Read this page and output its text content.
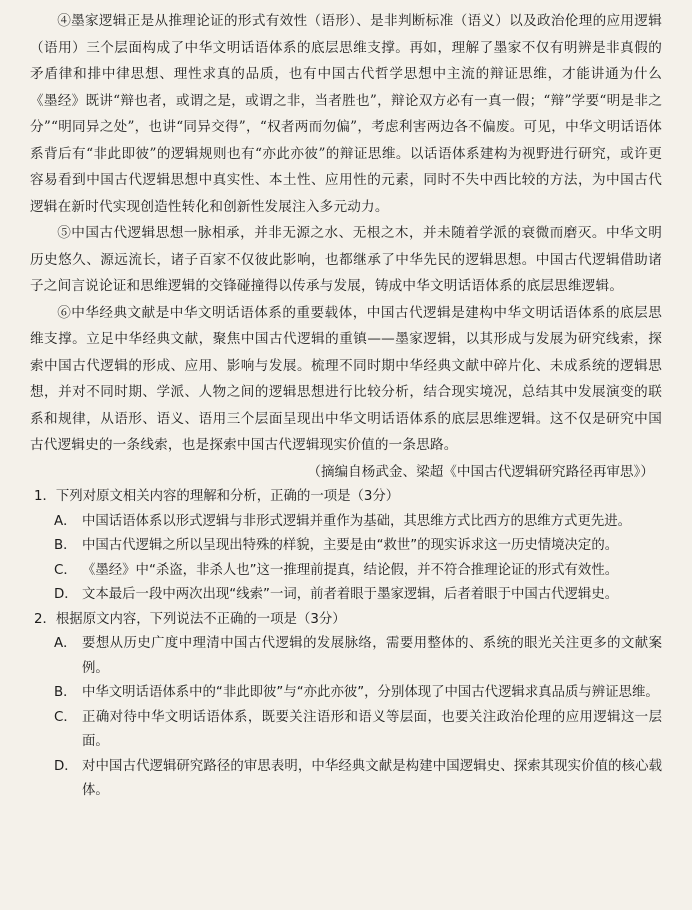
④墨家逻辑正是从推理论证的形式有效性（语形）、是非判断标准（语义）以及政治伦理的应用逻辑（语用）三个层面构成了中华文明话语体系的底层思维支撑。再如，理解了墨家不仅有明辨是非真假的矛盾律和排中律思想、理性求真的品质，也有中国古代哲学思想中主流的辩证思维，才能讲通为什么《墨经》既讲“辩也者，或谓之是，或谓之非，当者胜也”，辩论双方必有一真一假；“辩”学要“明是非之分”“明同异之处”，也讲“同异交得”，“权者两而勿偏”，考虑利害两边各不偏废。可见，中华文明话语体系背后有“非此即彼”的逻辑规则也有“亦此亦彼”的辩证思维。以话语体系建构为视野进行研究，或许更容易看到中国古代逻辑思想中真实性、本土性、应用性的元素，同时不失中西比较的方法，为中国古代逻辑在新时代实现创造性转化和创新性发展注入多元动力。

⑤中国古代逻辑思想一脉相承，并非无源之水、无根之木，并未随着学派的衰微而磨灭。中华文明历史悠久、源远流长，诸子百家不仅彼此影响，也都继承了中华先民的逻辑思想。中国古代逻辑借助诸子之间言说论证和思维逻辑的交锋碰撞得以传承与发展，铸成中华文明话语体系的底层思维逻辑。

⑥中华经典文献是中华文明话语体系的重要载体，中国古代逻辑是建构中华文明话语体系的底层思维支撑。立足中华经典文献，聚焦中国古代逻辑的重镇——墨家逻辑，以其形成与发展为研究线索，探索中国古代逻辑的形成、应用、影响与发展。梳理不同时期中华经典文献中碎片化、未成系统的逻辑思想，并对不同时期、学派、人物之间的逻辑思想进行比较分析，结合现实境况，总结其中发展演变的联系和规律，从语形、语义、语用三个层面呈现出中华文明话语体系的底层思维逻辑。这不仅是研究中国古代逻辑史的一条线索，也是探索中国古代逻辑现实价值的一条思路。

（摘编自杨武金、梁超《中国古代逻辑研究路径再审思》）

1．下列对原文相关内容的理解和分析，正确的一项是（3分）

A． 中国话语体系以形式逻辑与非形式逻辑并重作为基础，其思维方式比西方的思维方式更先进。
B． 中国古代逻辑之所以呈现出特殊的样貌，主要是由“救世”的现实诉求这一历史情境决定的。
C． 《墨经》中“杀盗，非杀人也”这一推理前提真，结论假，并不符合推理论证的形式有效性。
D． 文本最后一段中两次出现“线索”一词，前者着眼于墨家逻辑，后者着眼于中国古代逻辑史。

2．根据原文内容，下列说法不正确的一项是（3分）

A． 要想从历史广度中理清中国古代逻辑的发展脉络，需要用整体的、系统的眼光关注更多的文献案例。
B． 中华文明话语体系中的“非此即彼”与“亦此亦彼”，分别体现了中国古代逻辑求真品质与辨证思维。
C． 正确对待中华文明话语体系，既要关注语形和语义等层面，也要关注政治伦理的应用逻辑这一层面。
D． 对中国古代逻辑研究路径的审思表明，中华经典文献是构建中国逻辑史、探索其现实价值的核心载体。
